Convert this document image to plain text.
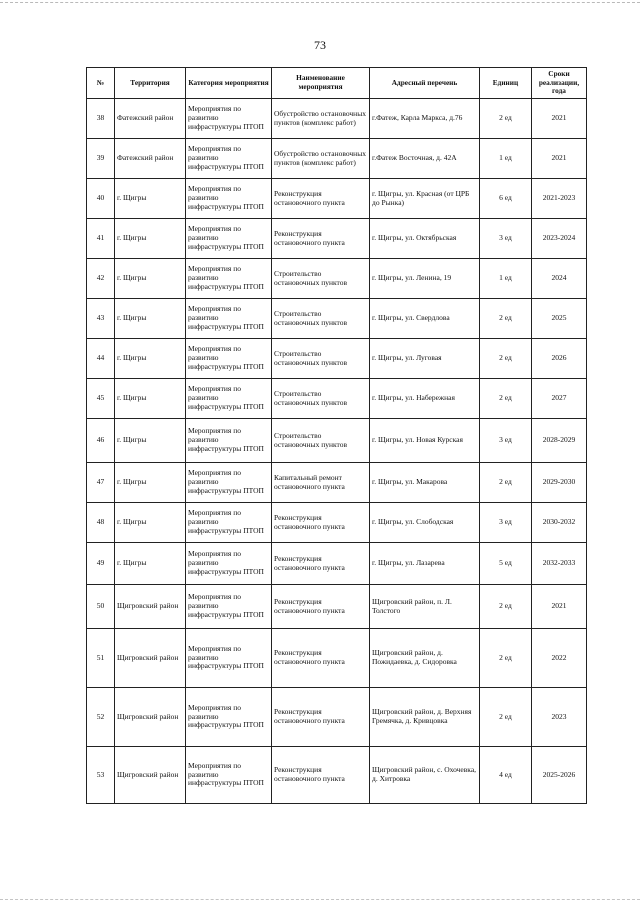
73
№	Территория	Категория мероприятия	Наименование мероприятия	Адресный перечень	Единиц	Сроки реализации, года
38	Фатежский район	Мероприятия по развитию инфраструктуры ПТОП	Обустройство остановочных пунктов (комплекс работ)	г.Фатеж, Карла Маркса, д.76	2 ед	2021
39	Фатежский район	Мероприятия по развитию инфраструктуры ПТОП	Обустройство остановочных пунктов (комплекс работ)	г.Фатеж Восточная, д. 42А	1 ед	2021
40	г. Щигры	Мероприятия по развитию инфраструктуры ПТОП	Реконструкция остановочного пункта	г. Щигры, ул. Красная (от ЦРБ до Рынка)	6 ед	2021-2023
41	г. Щигры	Мероприятия по развитию инфраструктуры ПТОП	Реконструкция остановочного пункта	г. Щигры, ул. Октябрьская	3 ед	2023-2024
42	г. Щигры	Мероприятия по развитию инфраструктуры ПТОП	Строительство остановочных пунктов	г. Щигры, ул. Ленина, 19	1 ед	2024
43	г. Щигры	Мероприятия по развитию инфраструктуры ПТОП	Строительство остановочных пунктов	г. Щигры, ул. Свердлова	2 ед	2025
44	г. Щигры	Мероприятия по развитию инфраструктуры ПТОП	Строительство остановочных пунктов	г. Щигры, ул. Луговая	2 ед	2026
45	г. Щигры	Мероприятия по развитию инфраструктуры ПТОП	Строительство остановочных пунктов	г. Щигры, ул. Набережная	2 ед	2027
46	г. Щигры	Мероприятия по развитию инфраструктуры ПТОП	Строительство остановочных пунктов	г. Щигры, ул. Новая Курская	3 ед	2028-2029
47	г. Щигры	Мероприятия по развитию инфраструктуры ПТОП	Капитальный ремонт остановочного пункта	г. Щигры, ул. Макарова	2 ед	2029-2030
48	г. Щигры	Мероприятия по развитию инфраструктуры ПТОП	Реконструкция остановочного пункта	г. Щигры, ул. Слободская	3 ед	2030-2032
49	г. Щигры	Мероприятия по развитию инфраструктуры ПТОП	Реконструкция остановочного пункта	г. Щигры, ул. Лазарева	5 ед	2032-2033
50	Щигровский район	Мероприятия по развитию инфраструктуры ПТОП	Реконструкция остановочного пункта	Щигровский район, п. Л. Толстого	2 ед	2021
51	Щигровский район	Мероприятия по развитию инфраструктуры ПТОП	Реконструкция остановочного пункта	Щигровский район, д. Пожидаевка, д. Сидоровка	2 ед	2022
52	Щигровский район	Мероприятия по развитию инфраструктуры ПТОП	Реконструкция остановочного пункта	Щигровский район, д. Верхняя Гремячка, д. Кривцовка	2 ед	2023
53	Щигровский район	Мероприятия по развитию инфраструктуры ПТОП	Реконструкция остановочного пункта	Щигровский район, с. Охочевка, д. Хитровка	4 ед	2025-2026
